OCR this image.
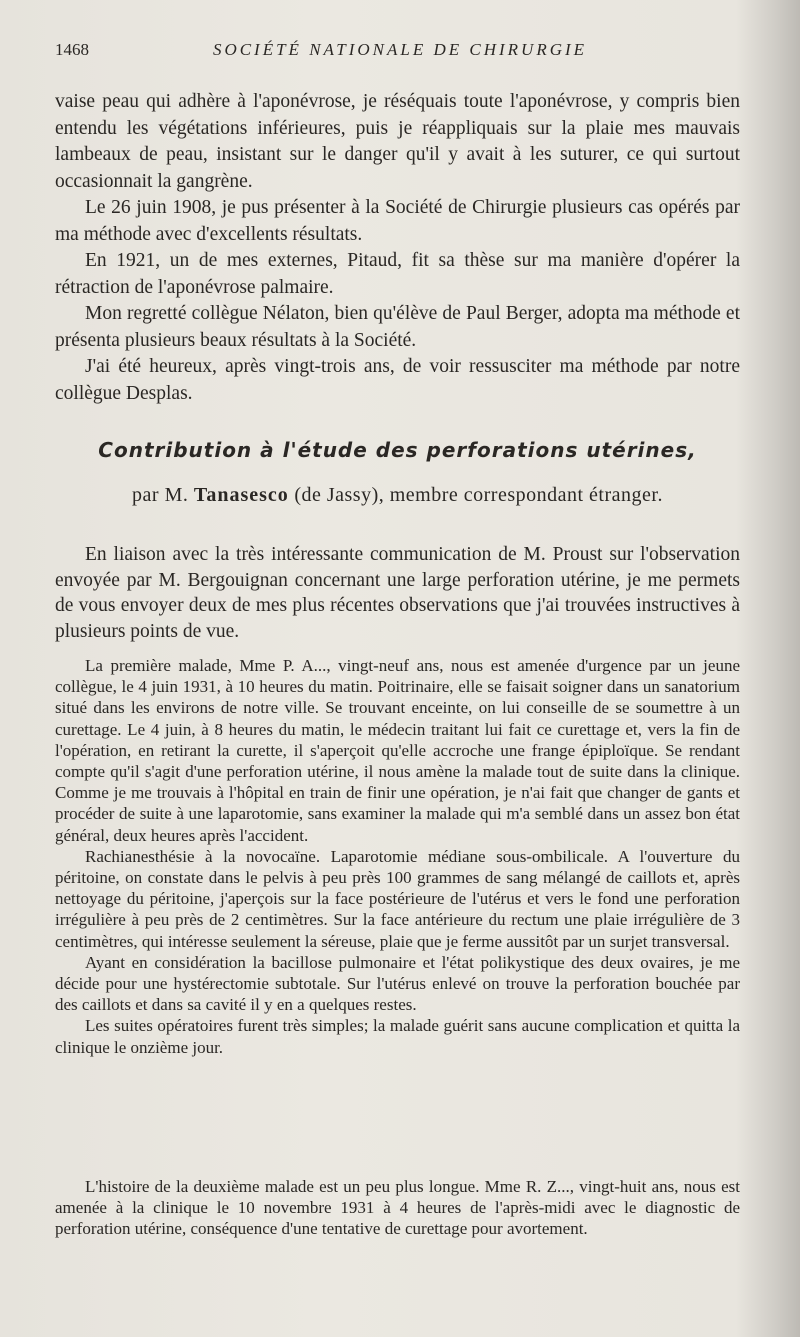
1468	SOCIÉTÉ NATIONALE DE CHIRURGIE

vaise peau qui adhère à l'aponévrose, je réséquais toute l'aponévrose, y compris bien entendu les végétations inférieures, puis je réappliquais sur la plaie mes mauvais lambeaux de peau, insistant sur le danger qu'il y avait à les suturer, ce qui surtout occasionnait la gangrène.

Le 26 juin 1908, je pus présenter à la Société de Chirurgie plusieurs cas opérés par ma méthode avec d'excellents résultats.

En 1921, un de mes externes, Pitaud, fit sa thèse sur ma manière d'opérer la rétraction de l'aponévrose palmaire.

Mon regretté collègue Nélaton, bien qu'élève de Paul Berger, adopta ma méthode et présenta plusieurs beaux résultats à la Société.

J'ai été heureux, après vingt-trois ans, de voir ressusciter ma méthode par notre collègue Desplas.

Contribution à l'étude des perforations utérines,
par M. Tanasesco (de Jassy), membre correspondant étranger.

En liaison avec la très intéressante communication de M. Proust sur l'observation envoyée par M. Bergouignan concernant une large perforation utérine, je me permets de vous envoyer deux de mes plus récentes observations que j'ai trouvées instructives à plusieurs points de vue.

La première malade, Mme P. A..., vingt-neuf ans, nous est amenée d'urgence par un jeune collègue, le 4 juin 1931, à 10 heures du matin. Poitrinaire, elle se faisait soigner dans un sanatorium situé dans les environs de notre ville. Se trouvant enceinte, on lui conseille de se soumettre à un curettage. Le 4 juin, à 8 heures du matin, le médecin traitant lui fait ce curettage et, vers la fin de l'opération, en retirant la curette, il s'aperçoit qu'elle accroche une frange épiploïque. Se rendant compte qu'il s'agit d'une perforation utérine, il nous amène la malade tout de suite dans la clinique. Comme je me trouvais à l'hôpital en train de finir une opération, je n'ai fait que changer de gants et procéder de suite à une laparotomie, sans examiner la malade qui m'a semblé dans un assez bon état général, deux heures après l'accident.

Rachianesthésie à la novocaïne. Laparotomie médiane sous-ombilicale. A l'ouverture du péritoine, on constate dans le pelvis à peu près 100 grammes de sang mélangé de caillots et, après nettoyage du péritoine, j'aperçois sur la face postérieure de l'utérus et vers le fond une perforation irrégulière à peu près de 2 centimètres. Sur la face antérieure du rectum une plaie irrégulière de 3 centimètres, qui intéresse seulement la séreuse, plaie que je ferme aussitôt par un surjet transversal.

Ayant en considération la bacillose pulmonaire et l'état polikystique des deux ovaires, je me décide pour une hystérectomie subtotale. Sur l'utérus enlevé on trouve la perforation bouchée par des caillots et dans sa cavité il y en a quelques restes.

Les suites opératoires furent très simples; la malade guérit sans aucune complication et quitta la clinique le onzième jour.

L'histoire de la deuxième malade est un peu plus longue. Mme R. Z..., vingt-huit ans, nous est amenée à la clinique le 10 novembre 1931 à 4 heures de l'après-midi avec le diagnostic de perforation utérine, conséquence d'une tentative de curettage pour avortement.
